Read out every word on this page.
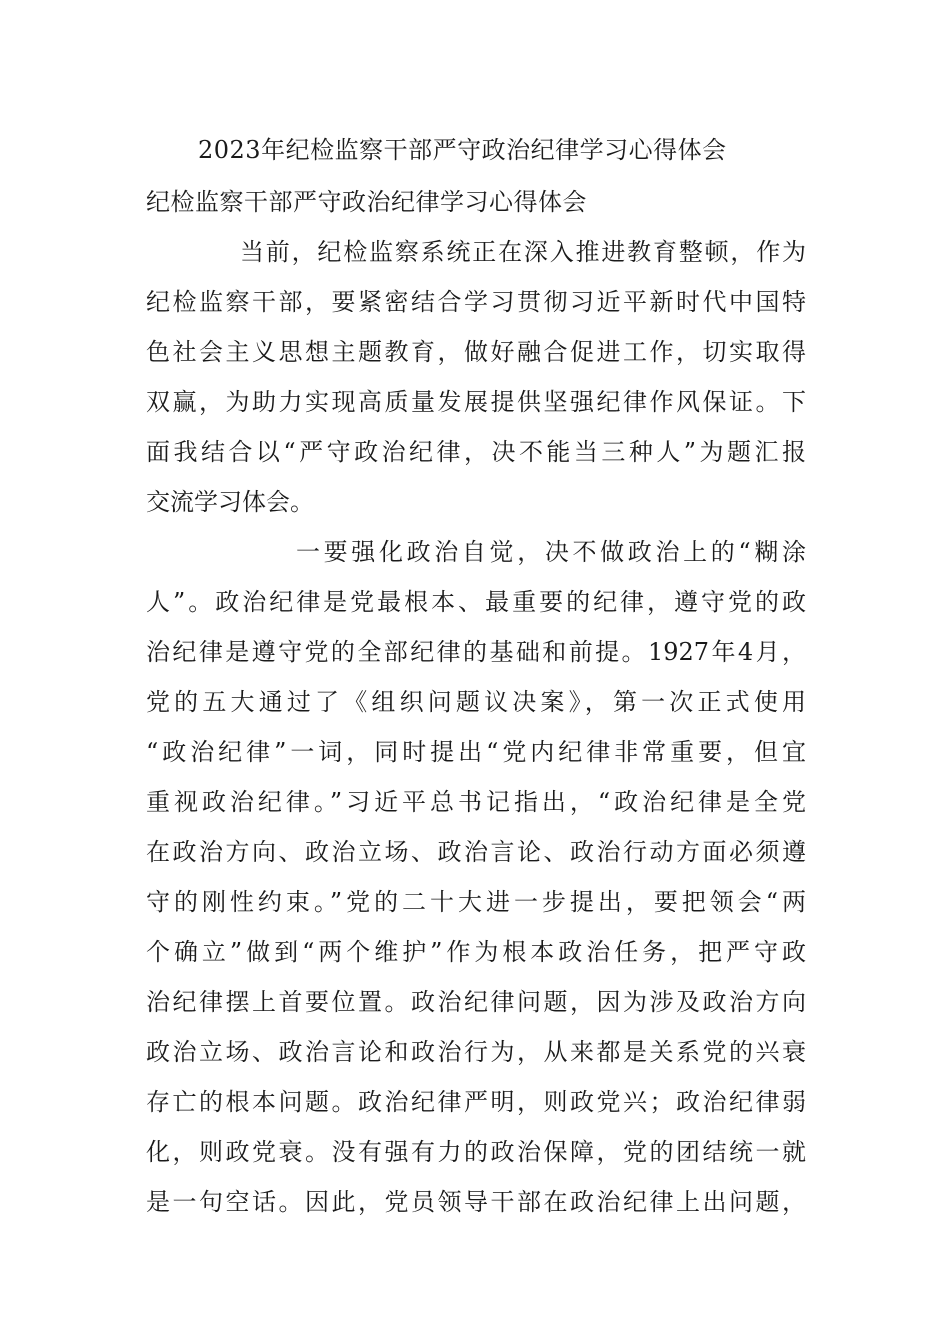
2023年纪检监察干部严守政治纪律学习心得体会
纪检监察干部严守政治纪律学习心得体会
当前，纪检监察系统正在深入推进教育整顿，作为
纪检监察干部，要紧密结合学习贯彻习近平新时代中国特
色社会主义思想主题教育，做好融合促进工作，切实取得
双赢，为助力实现高质量发展提供坚强纪律作风保证。下
面我结合以“严守政治纪律，决不能当三种人”为题汇报
交流学习体会。
一要强化政治自觉，决不做政治上的“糊涂
人”。政治纪律是党最根本、最重要的纪律，遵守党的政
治纪律是遵守党的全部纪律的基础和前提。1927年4月，
党的五大通过了《组织问题议决案》，第一次正式使用
“政治纪律”一词，同时提出“党内纪律非常重要，但宜
重视政治纪律。”习近平总书记指出，“政治纪律是全党
在政治方向、政治立场、政治言论、政治行动方面必须遵
守的刚性约束。”党的二十大进一步提出，要把领会“两
个确立”做到“两个维护”作为根本政治任务，把严守政
治纪律摆上首要位置。政治纪律问题，因为涉及政治方向
政治立场、政治言论和政治行为，从来都是关系党的兴衰
存亡的根本问题。政治纪律严明，则政党兴；政治纪律弱
化，则政党衰。没有强有力的政治保障，党的团结统一就
是一句空话。因此，党员领导干部在政治纪律上出问题，
